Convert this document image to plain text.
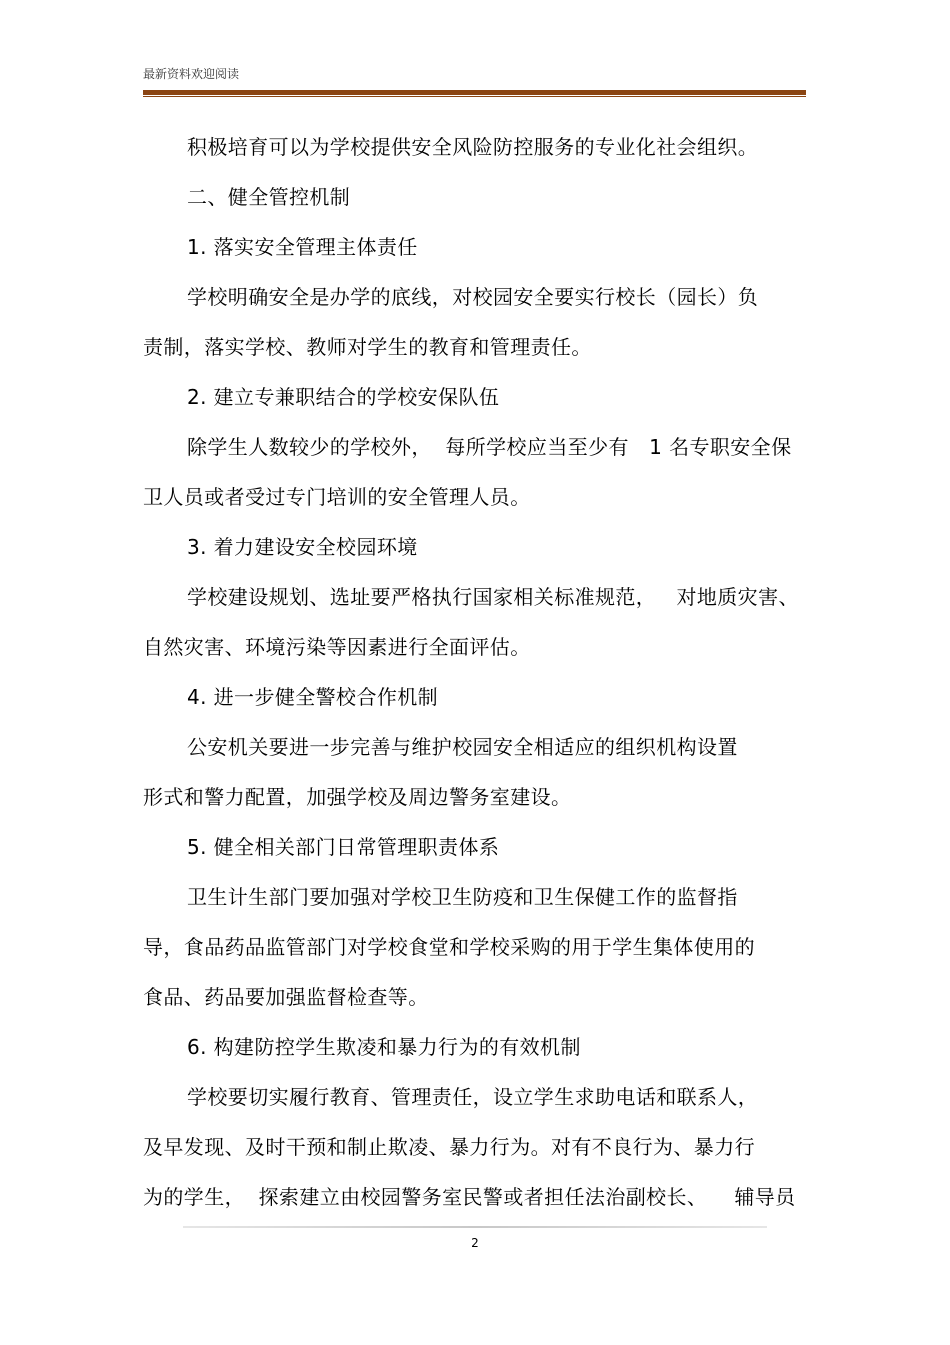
最新资料欢迎阅读
积极培育可以为学校提供安全风险防控服务的专业化社会组织。
二、健全管控机制
1. 落实安全管理主体责任
学校明确安全是办学的底线，对校园安全要实行校长（园长）负
责制，落实学校、教师对学生的教育和管理责任。
2. 建立专兼职结合的学校安保队伍
除学生人数较少的学校外，  每所学校应当至少有   1 名专职安全保
卫人员或者受过专门培训的安全管理人员。
3. 着力建设安全校园环境
学校建设规划、选址要严格执行国家相关标准规范，   对地质灾害、
自然灾害、环境污染等因素进行全面评估。
4. 进一步健全警校合作机制
公安机关要进一步完善与维护校园安全相适应的组织机构设置
形式和警力配置，加强学校及周边警务室建设。
5. 健全相关部门日常管理职责体系
卫生计生部门要加强对学校卫生防疫和卫生保健工作的监督指
导，食品药品监管部门对学校食堂和学校采购的用于学生集体使用的
食品、药品要加强监督检查等。
6. 构建防控学生欺凌和暴力行为的有效机制
学校要切实履行教育、管理责任，设立学生求助电话和联系人，
及早发现、及时干预和制止欺凌、暴力行为。对有不良行为、暴力行
为的学生，  探索建立由校园警务室民警或者担任法治副校长、    辅导员
2
